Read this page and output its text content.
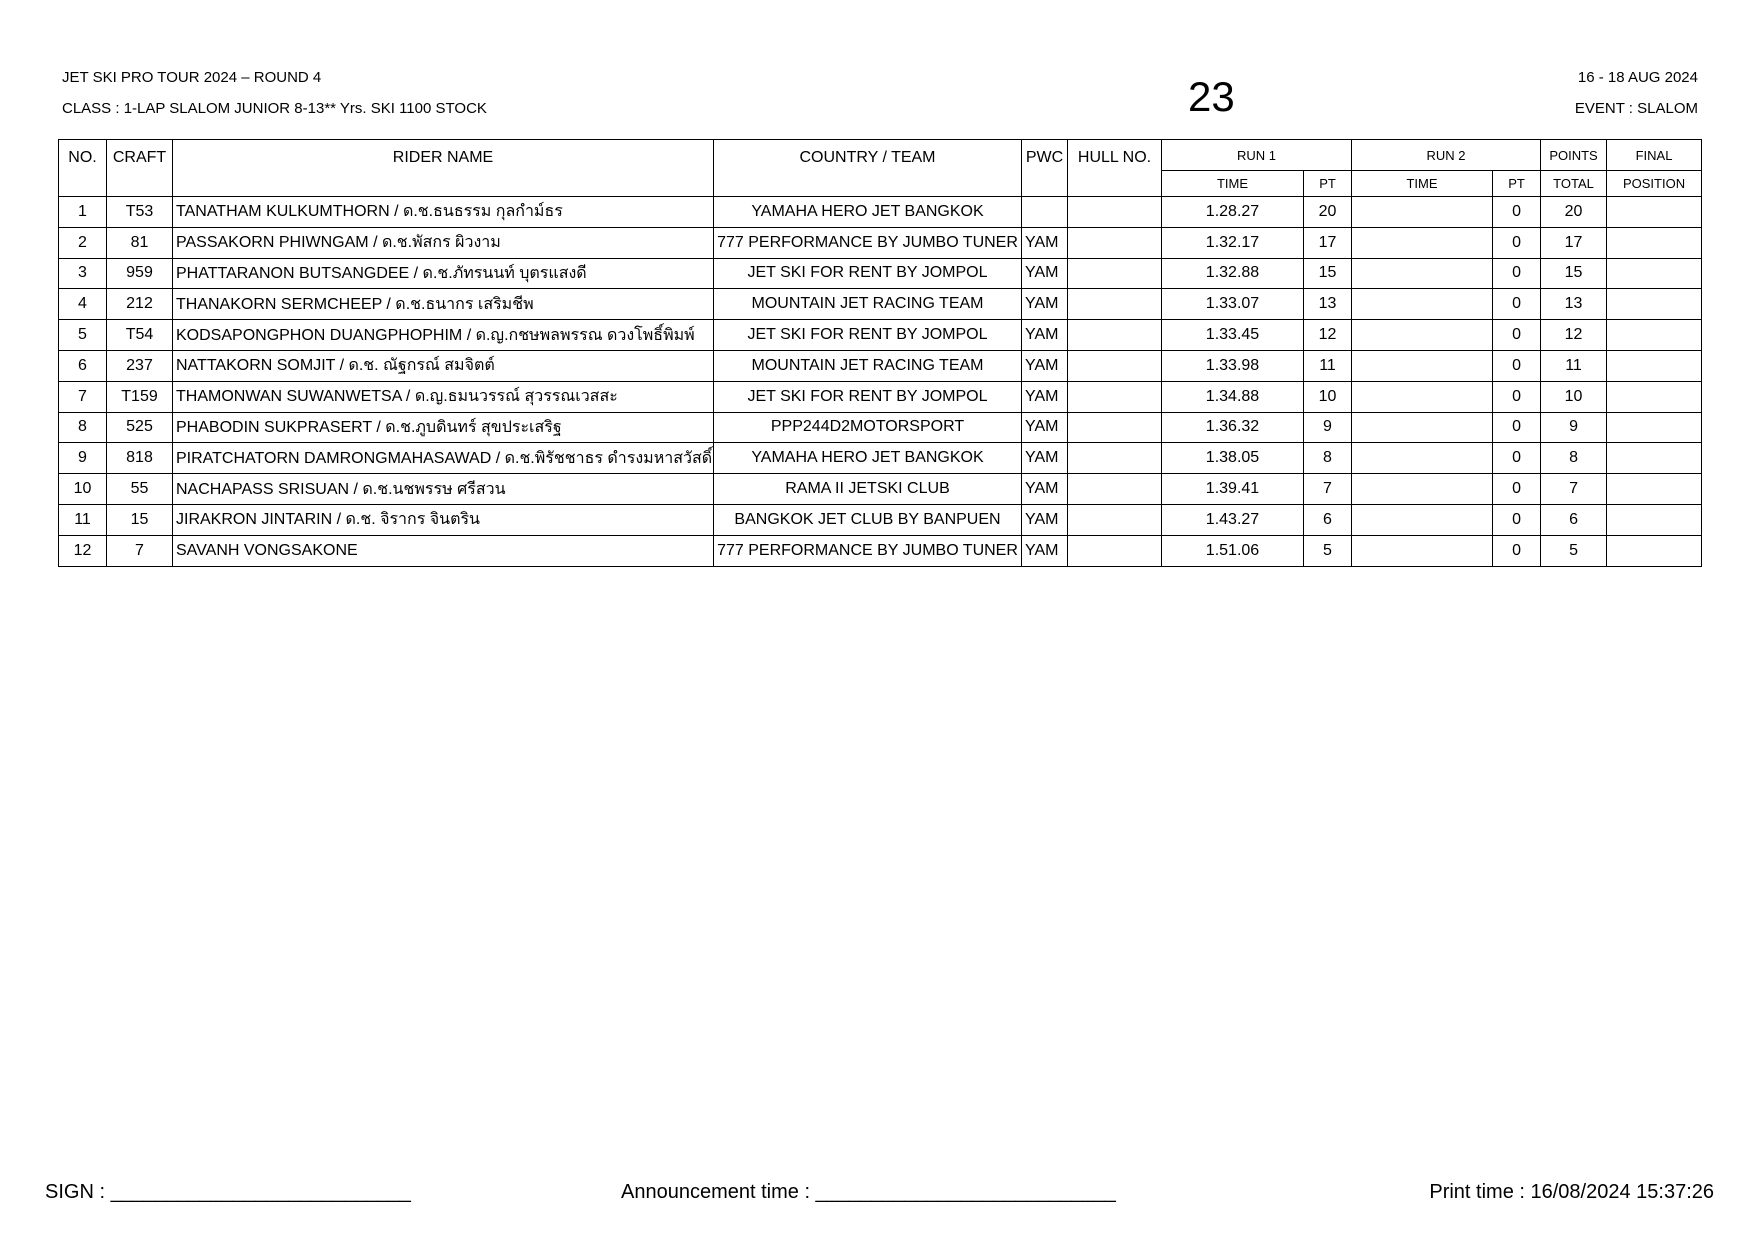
JET SKI PRO TOUR 2024 – ROUND 4
CLASS : 1-LAP SLALOM JUNIOR 8-13** Yrs. SKI 1100 STOCK	23	16 - 18 AUG 2024
EVENT : SLALOM
NO.	CRAFT	RIDER NAME	COUNTRY / TEAM	PWC	HULL NO.	RUN 1		RUN 2		POINTS	FINAL
						TIME	PT	TIME	PT	TOTAL	POSITION
1	T53	TANATHAM KULKUMTHORN / ด.ช.ธนธรรม กุลกำม์ธร	YAMAHA HERO JET BANGKOK			1.28.27	20		0	20	
2	81	PASSAKORN PHIWNGAM / ด.ช.พัสกร ผิวงาม	777 PERFORMANCE BY JUMBO TUNER	YAM		1.32.17	17		0	17	
3	959	PHATTARANON BUTSANGDEE / ด.ช.ภัทรนนท์ บุตรแสงดี	JET SKI FOR RENT BY JOMPOL	YAM		1.32.88	15		0	15	
4	212	THANAKORN SERMCHEEP / ด.ช.ธนากร เสริมชีพ	MOUNTAIN JET RACING TEAM	YAM		1.33.07	13		0	13	
5	T54	KODSAPONGPHON DUANGPHOPHIM / ด.ญ.กชษพลพรรณ ดวงโพธิ์พิมพ์	JET SKI FOR RENT BY JOMPOL	YAM		1.33.45	12		0	12	
6	237	NATTAKORN SOMJIT / ด.ช. ณัฐกรณ์ สมจิตต์	MOUNTAIN JET RACING TEAM	YAM		1.33.98	11		0	11	
7	T159	THAMONWAN SUWANWETSA / ด.ญ.ธมนวรรณ์ สุวรรณเวสสะ	JET SKI FOR RENT BY JOMPOL	YAM		1.34.88	10		0	10	
8	525	PHABODIN SUKPRASERT / ด.ช.ภูบดินทร์ สุขประเสริฐ	PPP244D2MOTORSPORT	YAM		1.36.32	9		0	9	
9	818	PIRATCHATORN DAMRONGMAHASAWAD / ด.ช.พิรัชชาธร ดำรงมหาสวัสดิ์	YAMAHA HERO JET BANGKOK	YAM		1.38.05	8		0	8	
10	55	NACHAPASS SRISUAN / ด.ช.นชพรรษ ศรีสวน	RAMA II JETSKI CLUB	YAM		1.39.41	7		0	7	
11	15	JIRAKRON JINTARIN / ด.ช. จิรากร จินตริน	BANGKOK JET CLUB BY BANPUEN	YAM		1.43.27	6		0	6	
12	7	SAVANH VONGSAKONE	777 PERFORMANCE BY JUMBO TUNER	YAM		1.51.06	5		0	5	
SIGN : ___________________________	Announcement time : ___________________________	Print time : 16/08/2024 15:37:26
